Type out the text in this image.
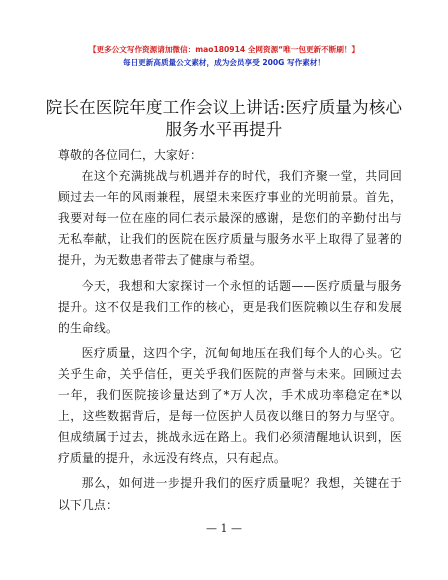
【更多公文写作资源请加微信：mao180914 全网资源“唯一包更新不断刷！】
每日更新高质量公文素材，成为会员享受 200G 写作素材！
院长在医院年度工作会议上讲话:医疗质量为核心服务水平再提升

尊敬的各位同仁，大家好：

在这个充满挑战与机遇并存的时代，我们齐聚一堂，共同回顾过去一年的风雨兼程，展望未来医疗事业的光明前景。首先，我要对每一位在座的同仁表示最深的感谢，是您们的辛勤付出与无私奉献，让我们的医院在医疗质量与服务水平上取得了显著的提升，为无数患者带去了健康与希望。

今天，我想和大家探讨一个永恒的话题——医疗质量与服务提升。这不仅是我们工作的核心，更是我们医院赖以生存和发展的生命线。

医疗质量，这四个字，沉甸甸地压在我们每个人的心头。它关乎生命，关乎信任，更关乎我们医院的声誉与未来。回顾过去一年，我们医院接诊量达到了*万人次，手术成功率稳定在*以上，这些数据背后，是每一位医护人员夜以继日的努力与坚守。但成绩属于过去，挑战永远在路上。我们必须清醒地认识到，医疗质量的提升，永远没有终点，只有起点。

那么，如何进一步提升我们的医疗质量呢？我想，关键在于以下几点：

— 1 —
